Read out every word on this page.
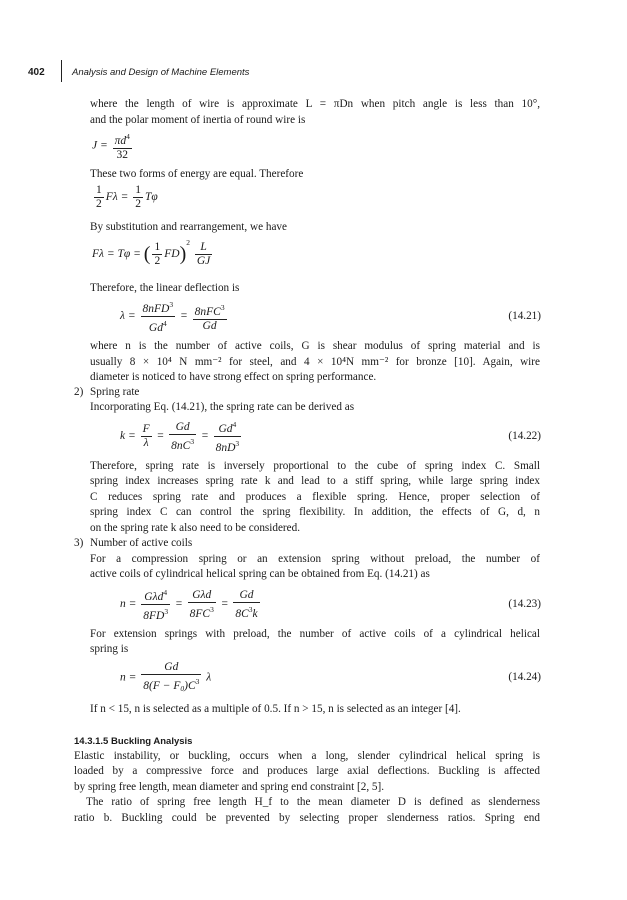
402	Analysis and Design of Machine Elements
where the length of wire is approximate L = πDn when pitch angle is less than 10°,
and the polar moment of inertia of round wire is
$J = \frac{\pi d^4}{32}$
These two forms of energy are equal. Therefore
$\frac{1}{2}$ $F\lambda = \frac{1}{2}$ Tφ
By substitution and rearrangement, we have
Fλ = Tφ = ( $\frac{1}{2} FD)^2 \frac{L}{GJ}$
Therefore, the linear deflection is
λ =
8nFD$^3$
Gd$^4$
= 8nFC$^3$
Gd
(14.21)
where n is the number of active coils, G is shear modulus of spring material and is
usually 8 × 10⁴ N mm⁻² for steel, and 4 × 10⁴N mm⁻² for bronze [10]. Again, wire
diameter is noticed to have strong effect on spring performance.
2) Spring rate
Incorporating Eq. (14.21), the spring rate can be derived as
$k = \frac{F}{\lambda} = \frac{Gd}{8nC^3} = \frac{Gd^4}{8nD^3}$	(14.22)
Therefore, spring rate is inversely proportional to the cube of spring index C. Small
spring index increases spring rate k and lead to a stiff spring, while large spring index
C reduces spring rate and produces a flexible spring. Hence, proper selection of
spring index C can control the spring flexibility. In addition, the effects of G, d, n
on the spring rate k also need to be considered.
3) Number of active coils
For a compression spring or an extension spring without preload, the number of
active coils of cylindrical helical spring can be obtained from Eq. (14.21) as
n =
Gλd$^4$
$8FD^3$
=
Gλd
$8FC^3 = \frac{Gd}{8C^3k}$	(14.23)
For extension springs with preload, the number of active coils of a cylindrical helical
spring is
$n = \frac{Gd}{8(F - F_0)C^3}$ λ	(14.24)
If n < 15, n is selected as a multiple of 0.5. If n > 15, n is selected as an integer [4].
14.3.1.5 Buckling Analysis
Elastic instability, or buckling, occurs when a long, slender cylindrical helical spring is
loaded by a compressive force and produces large axial deflections. Buckling is affected
by spring free length, mean diameter and spring end constraint [2, 5].
The ratio of spring free length H_f to the mean diameter D is defined as slenderness
ratio b. Buckling could be prevented by selecting proper slenderness ratios. Spring end
